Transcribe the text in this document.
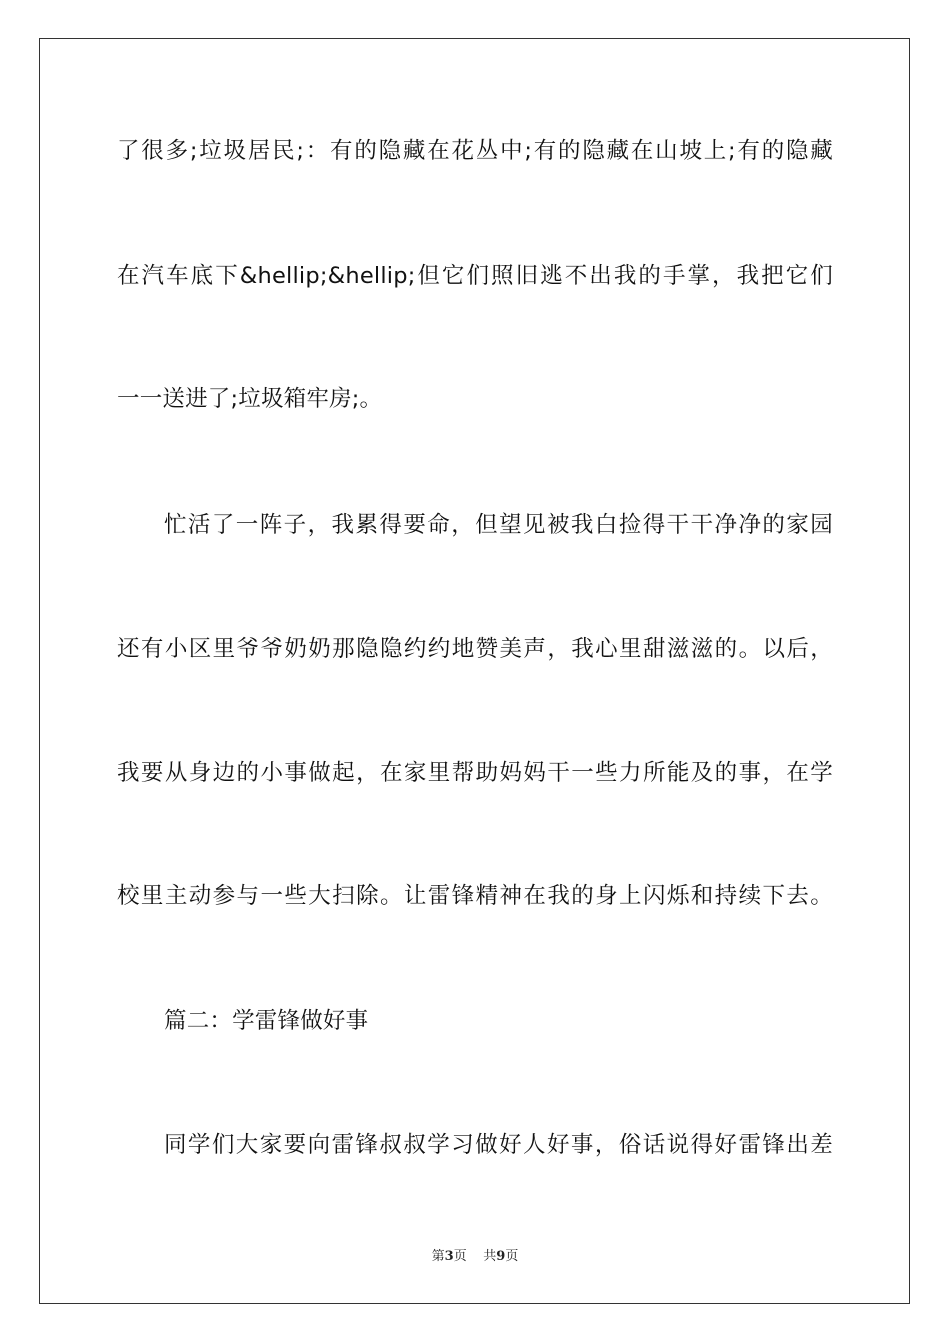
了很多;垃圾居民;：有的隐藏在花丛中;有的隐藏在山坡上;有的隐藏
在汽车底下&hellip;&hellip;但它们照旧逃不出我的手掌，我把它们
一一送进了;垃圾箱牢房;。
忙活了一阵子，我累得要命，但望见被我白捡得干干净净的家园
还有小区里爷爷奶奶那隐隐约约地赞美声，我心里甜滋滋的。以后，
我要从身边的小事做起，在家里帮助妈妈干一些力所能及的事，在学
校里主动参与一些大扫除。让雷锋精神在我的身上闪烁和持续下去。
篇二：学雷锋做好事
同学们大家要向雷锋叔叔学习做好人好事，俗话说得好雷锋出差
第3页 共9页
